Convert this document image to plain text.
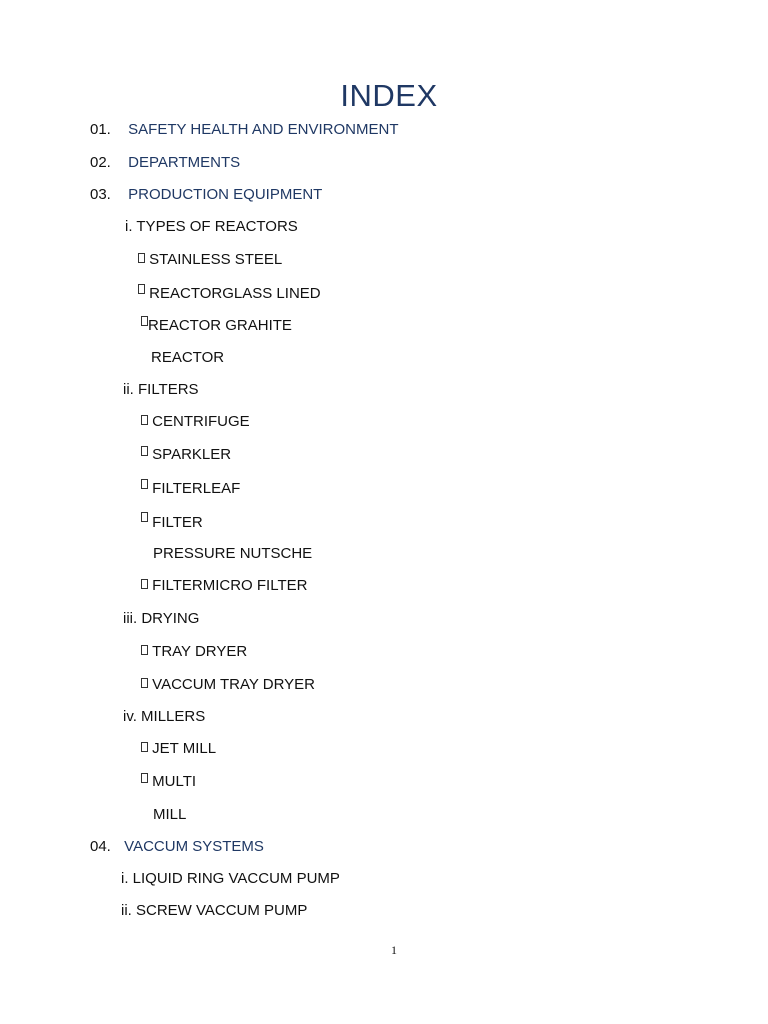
INDEX
01. SAFETY HEALTH AND ENVIRONMENT
02. DEPARTMENTS
03. PRODUCTION EQUIPMENT
i. TYPES OF REACTORS
STAINLESS STEEL
REACTORGLASS LINED
REACTOR GRAHITE
REACTOR
ii. FILTERS
CENTRIFUGE
SPARKLER
FILTERLEAF
FILTER
PRESSURE NUTSCHE
FILTERMICRO FILTER
iii. DRYING
TRAY DRYER
VACCUM TRAY DRYER
iv. MILLERS
JET MILL
MULTI
MILL
04. VACCUM SYSTEMS
i. LIQUID RING VACCUM PUMP
ii. SCREW VACCUM PUMP
1
